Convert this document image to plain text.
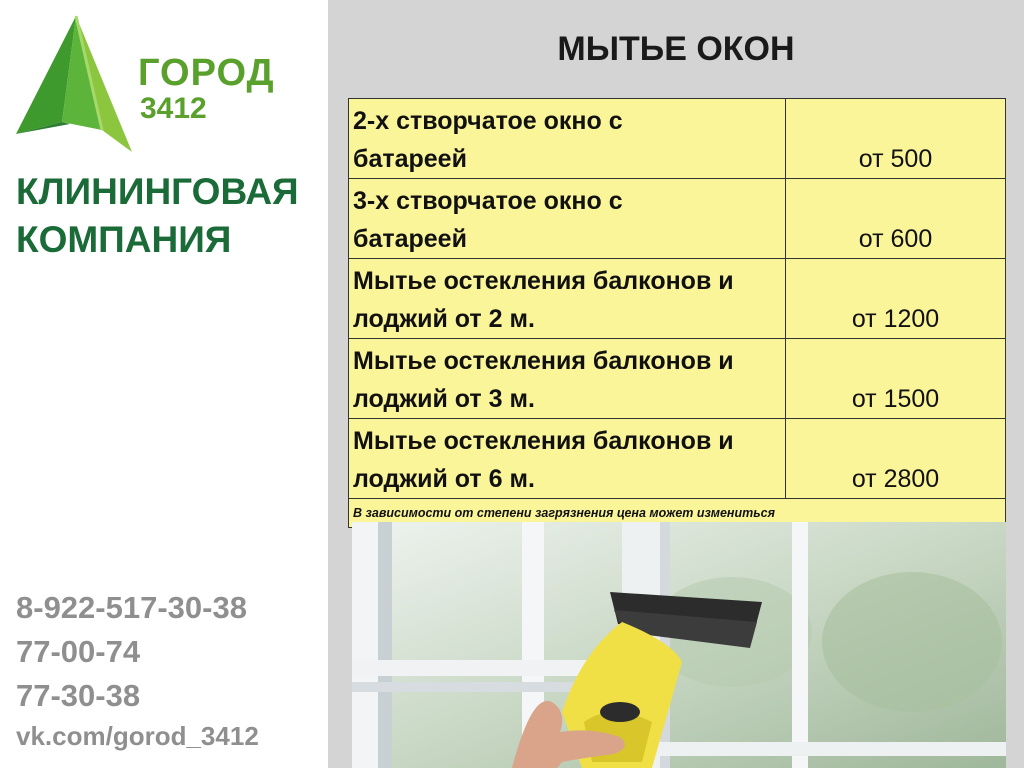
ГОРОД
3412
КЛИНИНГОВАЯ
КОМПАНИЯ
8-922-517-30-38
77-00-74
77-30-38
vk.com/gorod_3412
МЫТЬЕ ОКОН
2-х створчатое окно с
батареей	от 500

3-х створчатое окно с
батареей	от 600

Мытье остекления балконов и
лоджий от 2 м.	от 1200

Мытье остекления балконов и
лоджий от 3 м.	от 1500

Мытье остекления балконов и
лоджий от 6 м.	от 2800
В зависимости от степени загрязнения цена может измениться	
